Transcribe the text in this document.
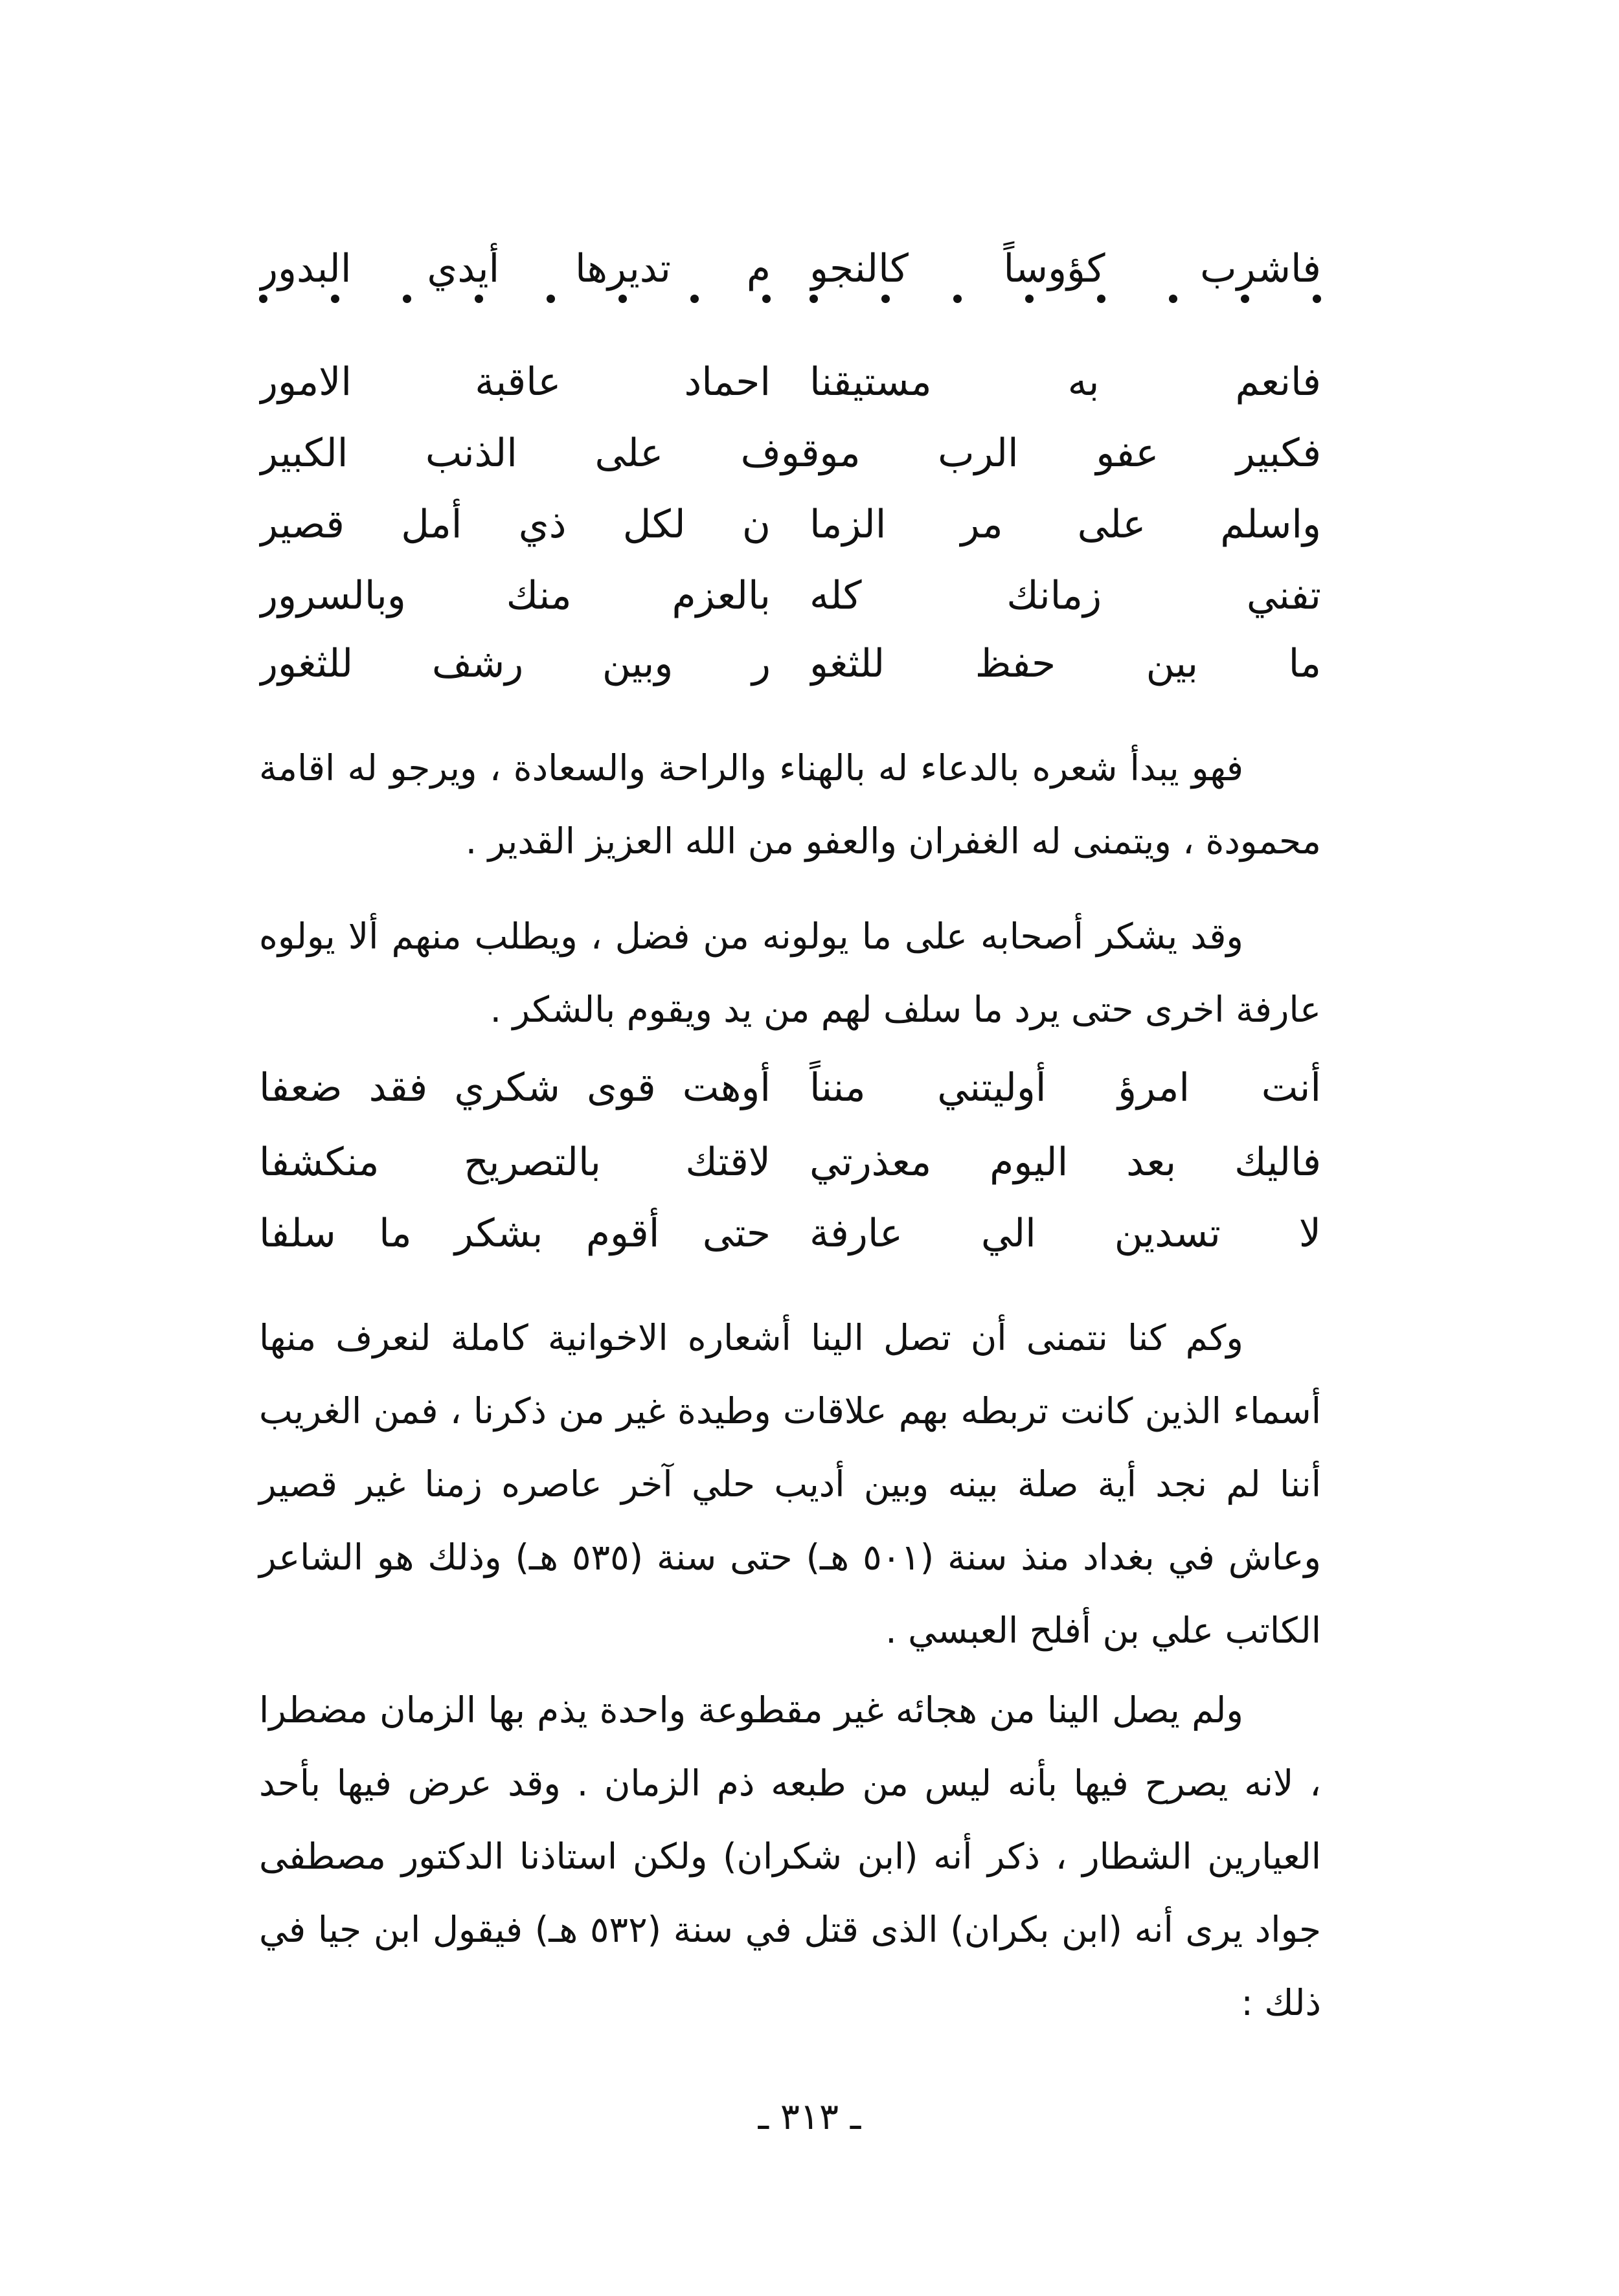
فاشرب كؤوساً كالنجو
م تديرها أيدي البدور
فانعم به مستيقنا
احماد عاقبة الامور
فكبير عفو الرب موقوف على الذنب الكبير
واسلم على مر الزما
ن لكل ذي أمل قصير
تفني زمانك كله
بالعزم منك وبالسرور
ما بين حفظ للثغو
ر وبين رشف للثغور

فهو يبدأ شعره بالدعاء له بالهناء والراحة والسعادة ، ويرجو له اقامة محمودة ، ويتمنى له الغفران والعفو من الله العزيز القدير .

وقد يشكر أصحابه على ما يولونه من فضل ، ويطلب منهم ألا يولوه عارفة اخرى حتى يرد ما سلف لهم من يد ويقوم بالشكر .

أنت امرؤ أوليتني منناً
أوهت قوى شكري فقد ضعفا
فاليك بعد اليوم معذرتي
لاقتك بالتصريح منكشفا
لا تسدين الي عارفة
حتى أقوم بشكر ما سلفا

وكم كنا نتمنى أن تصل الينا أشعاره الاخوانية كاملة لنعرف منها أسماء الذين كانت تربطه بهم علاقات وطيدة غير من ذكرنا ، فمن الغريب أننا لم نجد أية صلة بينه وبين أديب حلي آخر عاصره زمنا غير قصير وعاش في بغداد منذ سنة (٥٠١ هـ) حتى سنة (٥٣٥ هـ) وذلك هو الشاعر الكاتب علي بن أفلح العبسي .

ولم يصل الينا من هجائه غير مقطوعة واحدة يذم بها الزمان مضطرا ، لانه يصرح فيها بأنه ليس من طبعه ذم الزمان . وقد عرض فيها بأحد العيارين الشطار ، ذكر أنه (ابن شكران) ولكن استاذنا الدكتور مصطفى جواد يرى أنه (ابن بكران) الذى قتل في سنة (٥٣٢ هـ) فيقول ابن جيا في ذلك :

ـ ٣١٣ ـ
